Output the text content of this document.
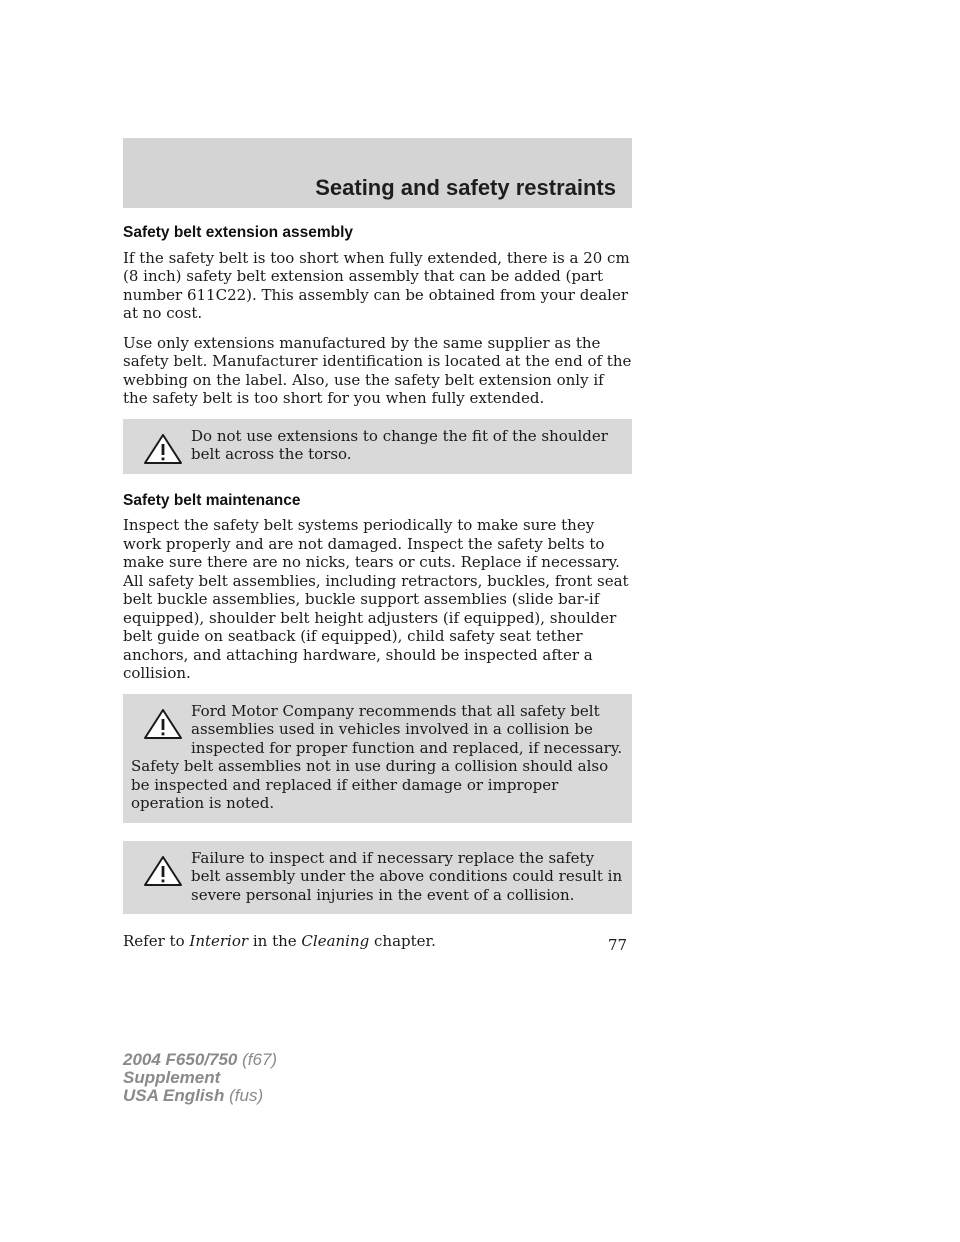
Seating and safety restraints
Safety belt extension assembly

If the safety belt is too short when fully extended, there is a 20 cm (8 inch) safety belt extension assembly that can be added (part number 611C22). This assembly can be obtained from your dealer at no cost.

Use only extensions manufactured by the same supplier as the safety belt. Manufacturer identification is located at the end of the webbing on the label. Also, use the safety belt extension only if the safety belt is too short for you when fully extended.

Do not use extensions to change the fit of the shoulder belt across the torso.

Safety belt maintenance

Inspect the safety belt systems periodically to make sure they work properly and are not damaged. Inspect the safety belts to make sure there are no nicks, tears or cuts. Replace if necessary. All safety belt assemblies, including retractors, buckles, front seat belt buckle assemblies, buckle support assemblies (slide bar-if equipped), shoulder belt height adjusters (if equipped), shoulder belt guide on seatback (if equipped), child safety seat tether anchors, and attaching hardware, should be inspected after a collision.

Ford Motor Company recommends that all safety belt assemblies used in vehicles involved in a collision be inspected for proper function and replaced, if necessary. Safety belt assemblies not in use during a collision should also be inspected and replaced if either damage or improper operation is noted.

Failure to inspect and if necessary replace the safety belt assembly under the above conditions could result in severe personal injuries in the event of a collision.

Refer to Interior in the Cleaning chapter.	77
2004 F650/750 (f67)
Supplement
USA English (fus)
